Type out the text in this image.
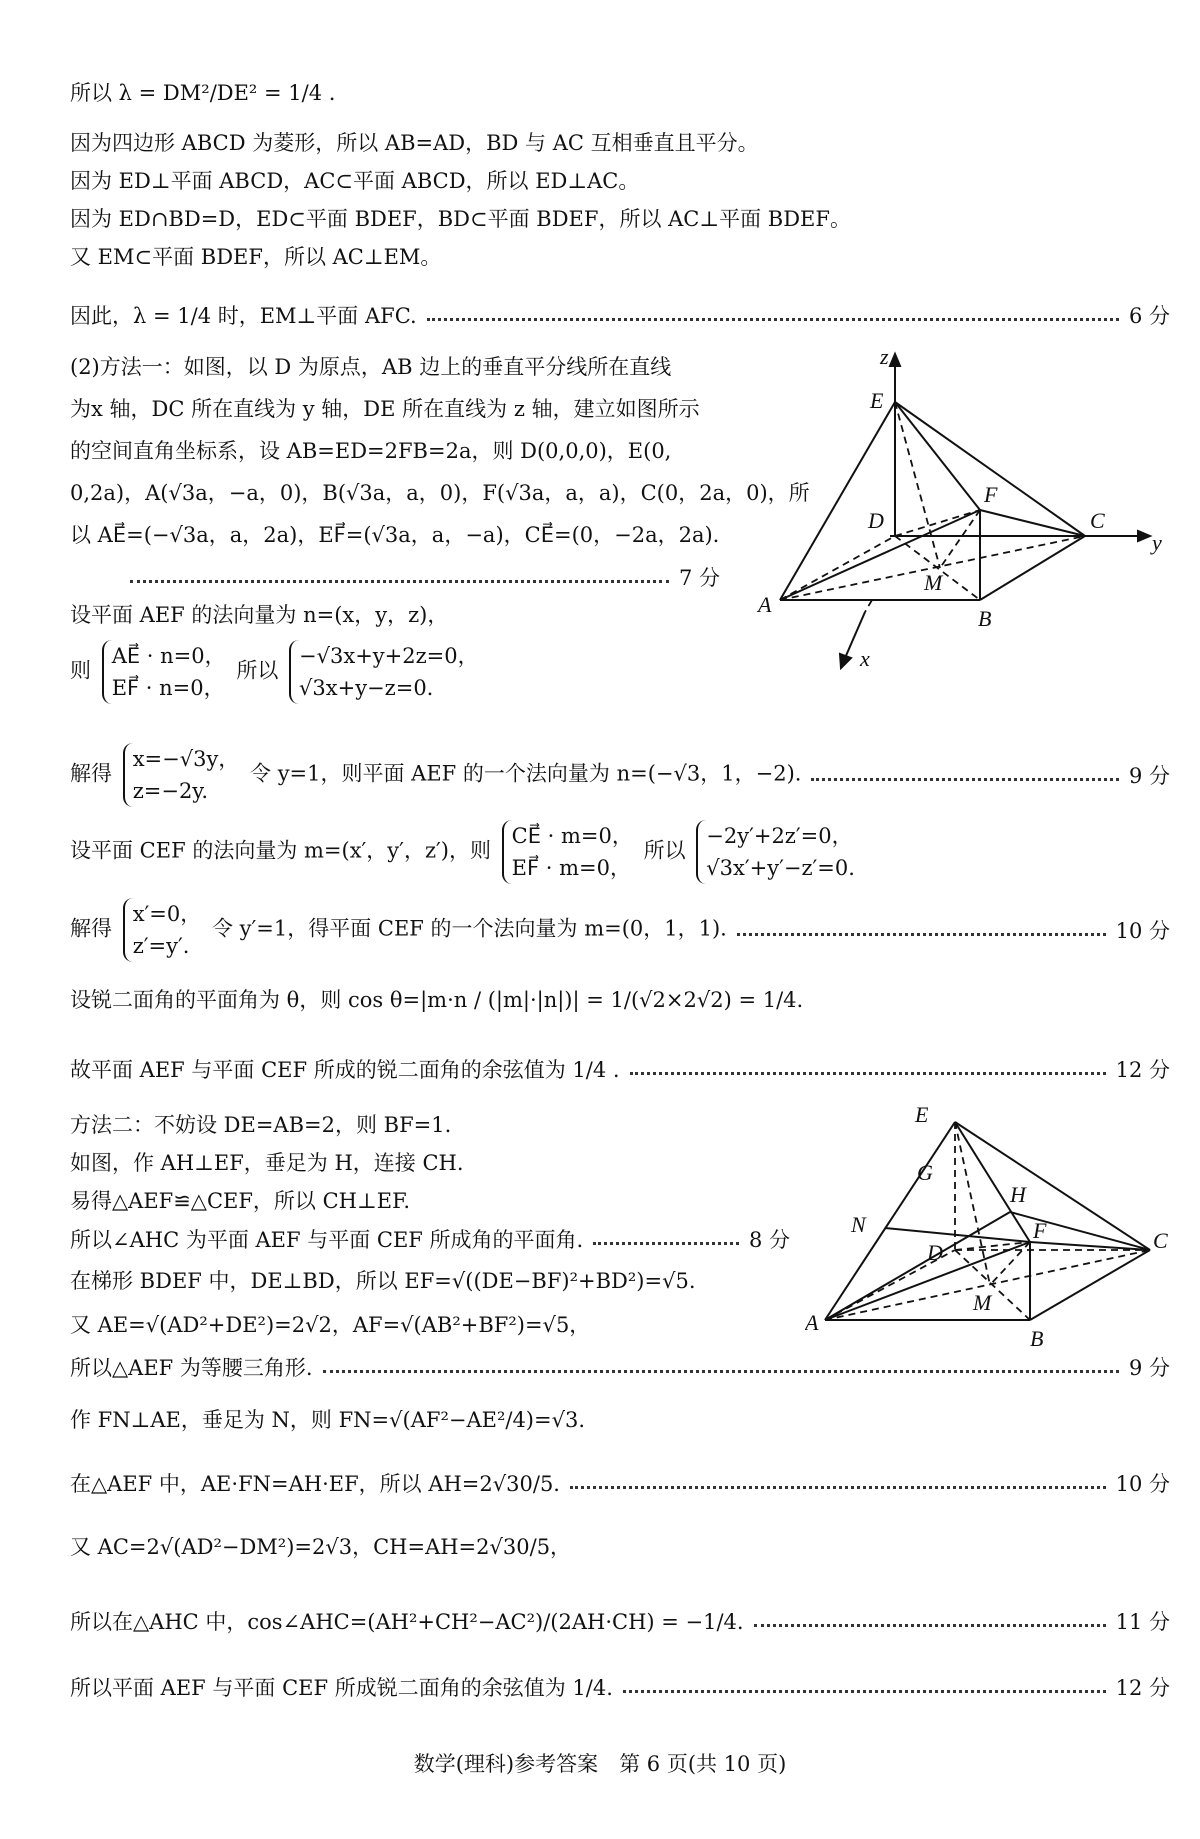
所以 λ = DM²/DE² = 1/4 .
因为四边形 ABCD 为菱形，所以 AB=AD，BD 与 AC 互相垂直且平分。
因为 ED⊥平面 ABCD，AC⊂平面 ABCD，所以 ED⊥AC。
因为 ED∩BD=D，ED⊂平面 BDEF，BD⊂平面 BDEF，所以 AC⊥平面 BDEF。
又 EM⊂平面 BDEF，所以 AC⊥EM。
因此，λ = 1/4 时，EM⊥平面 AFC.	6 分
(2)方法一：如图，以 D 为原点，AB 边上的垂直平分线所在直线
为x 轴，DC 所在直线为 y 轴，DE 所在直线为 z 轴，建立如图所示
的空间直角坐标系，设 AB=ED=2FB=2a，则 D(0,0,0)，E(0,
0,2a)，A(√3a，−a，0)，B(√3a，a，0)，F(√3a，a，a)，C(0，2a，0)，所
以 AE⃗=(−√3a，a，2a)，EF⃗=(√3a，a，−a)，CE⃗=(0，−2a，2a).
7 分
设平面 AEF 的法向量为 n=(x，y，z)，
则
AE⃗ · n=0，
EF⃗ · n=0，
所以
−√3x+y+2z=0，
√3x+y−z=0.
解得
x=−√3y，
z=−2y.
令 y=1，则平面 AEF 的一个法向量为 n=(−√3，1，−2).	9 分
设平面 CEF 的法向量为 m=(x′，y′，z′)，则
CE⃗ · m=0，
EF⃗ · m=0，
所以
−2y′+2z′=0，
√3x′+y′−z′=0.
解得
x′=0，
z′=y′.
令 y′=1，得平面 CEF 的一个法向量为 m=(0，1，1).	10 分
设锐二面角的平面角为 θ，则 cos θ=|m·n / (|m|·|n|)| = 1/(√2×2√2) = 1/4.
故平面 AEF 与平面 CEF 所成的锐二面角的余弦值为 1/4 .	12 分
方法二：不妨设 DE=AB=2，则 BF=1.
如图，作 AH⊥EF，垂足为 H，连接 CH.
易得△AEF≌△CEF，所以 CH⊥EF.
所以∠AHC 为平面 AEF 与平面 CEF 所成角的平面角.	8 分
在梯形 BDEF 中，DE⊥BD，所以 EF=√((DE−BF)²+BD²)=√5.
又 AE=√(AD²+DE²)=2√2，AF=√(AB²+BF²)=√5，
所以△AEF 为等腰三角形.	9 分
作 FN⊥AE，垂足为 N，则 FN=√(AF²−AE²/4)=√3.
在△AEF 中，AE·FN=AH·EF，所以 AH=2√30/5.	10 分
又 AC=2√(AD²−DM²)=2√3，CH=AH=2√30/5，
所以在△AHC 中，cos∠AHC=(AH²+CH²−AC²)/(2AH·CH) = −1/4.	11 分
所以平面 AEF 与平面 CEF 所成锐二面角的余弦值为 1/4.	12 分
z
E
D
F
C
y
M
A
B
x
E
G
H
N
D
F	C
M
A
B
数学(理科)参考答案　第 6 页(共 10 页)
